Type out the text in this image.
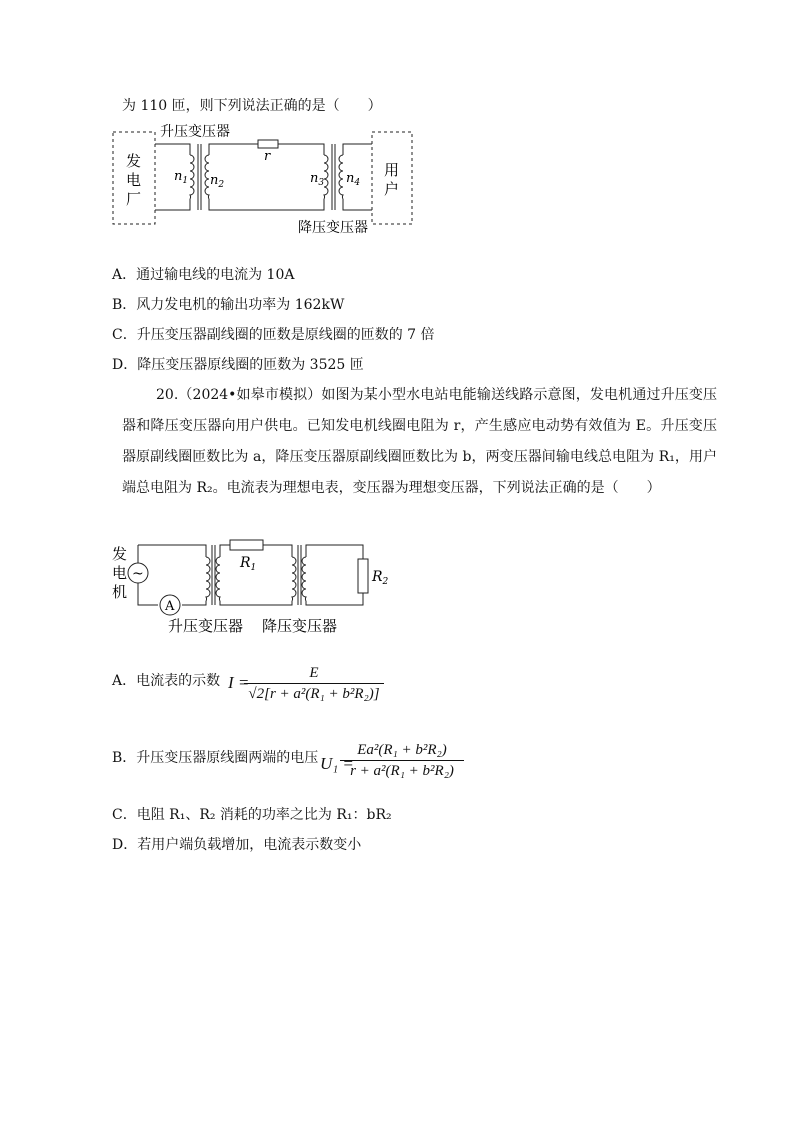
为 110 匝，则下列说法正确的是（　　）
发
电
厂
用
户
升压变压器
降压变压器
r
$n_1$ $n_2$	$n_3$ $n_4$
A．通过输电线的电流为 10A
B．风力发电机的输出功率为 162kW
C．升压变压器副线圈的匝数是原线圈的匝数的 7 倍
D．降压变压器原线圈的匝数为 3525 匝
20.（2024•如皋市模拟）如图为某小型水电站电能输送线路示意图，发电机通过升压变压器和降压变压器向用户供电。已知发电机线圈电阻为 r，产生感应电动势有效值为 E。升压变压器原副线圈匝数比为 a，降压变压器原副线圈匝数比为 b，两变压器间输电线总电阻为 R₁，用户端总电阻为 R₂。电流表为理想电表，变压器为理想变压器，下列说法正确的是（　　）
发
电
机
~
A
$R_1$
$R_2$
升压变压器 降压变压器
A．电流表的示数 I =	E
√2[r + a²(R₁ + b²R₂)]
B．升压变压器原线圈两端的电压 U₁ =
Ea²(R₁ + b²R₂)
r + a²(R₁ + b²R₂)
C．电阻 R₁、R₂ 消耗的功率之比为 R₁：bR₂
D．若用户端负载增加，电流表示数变小
